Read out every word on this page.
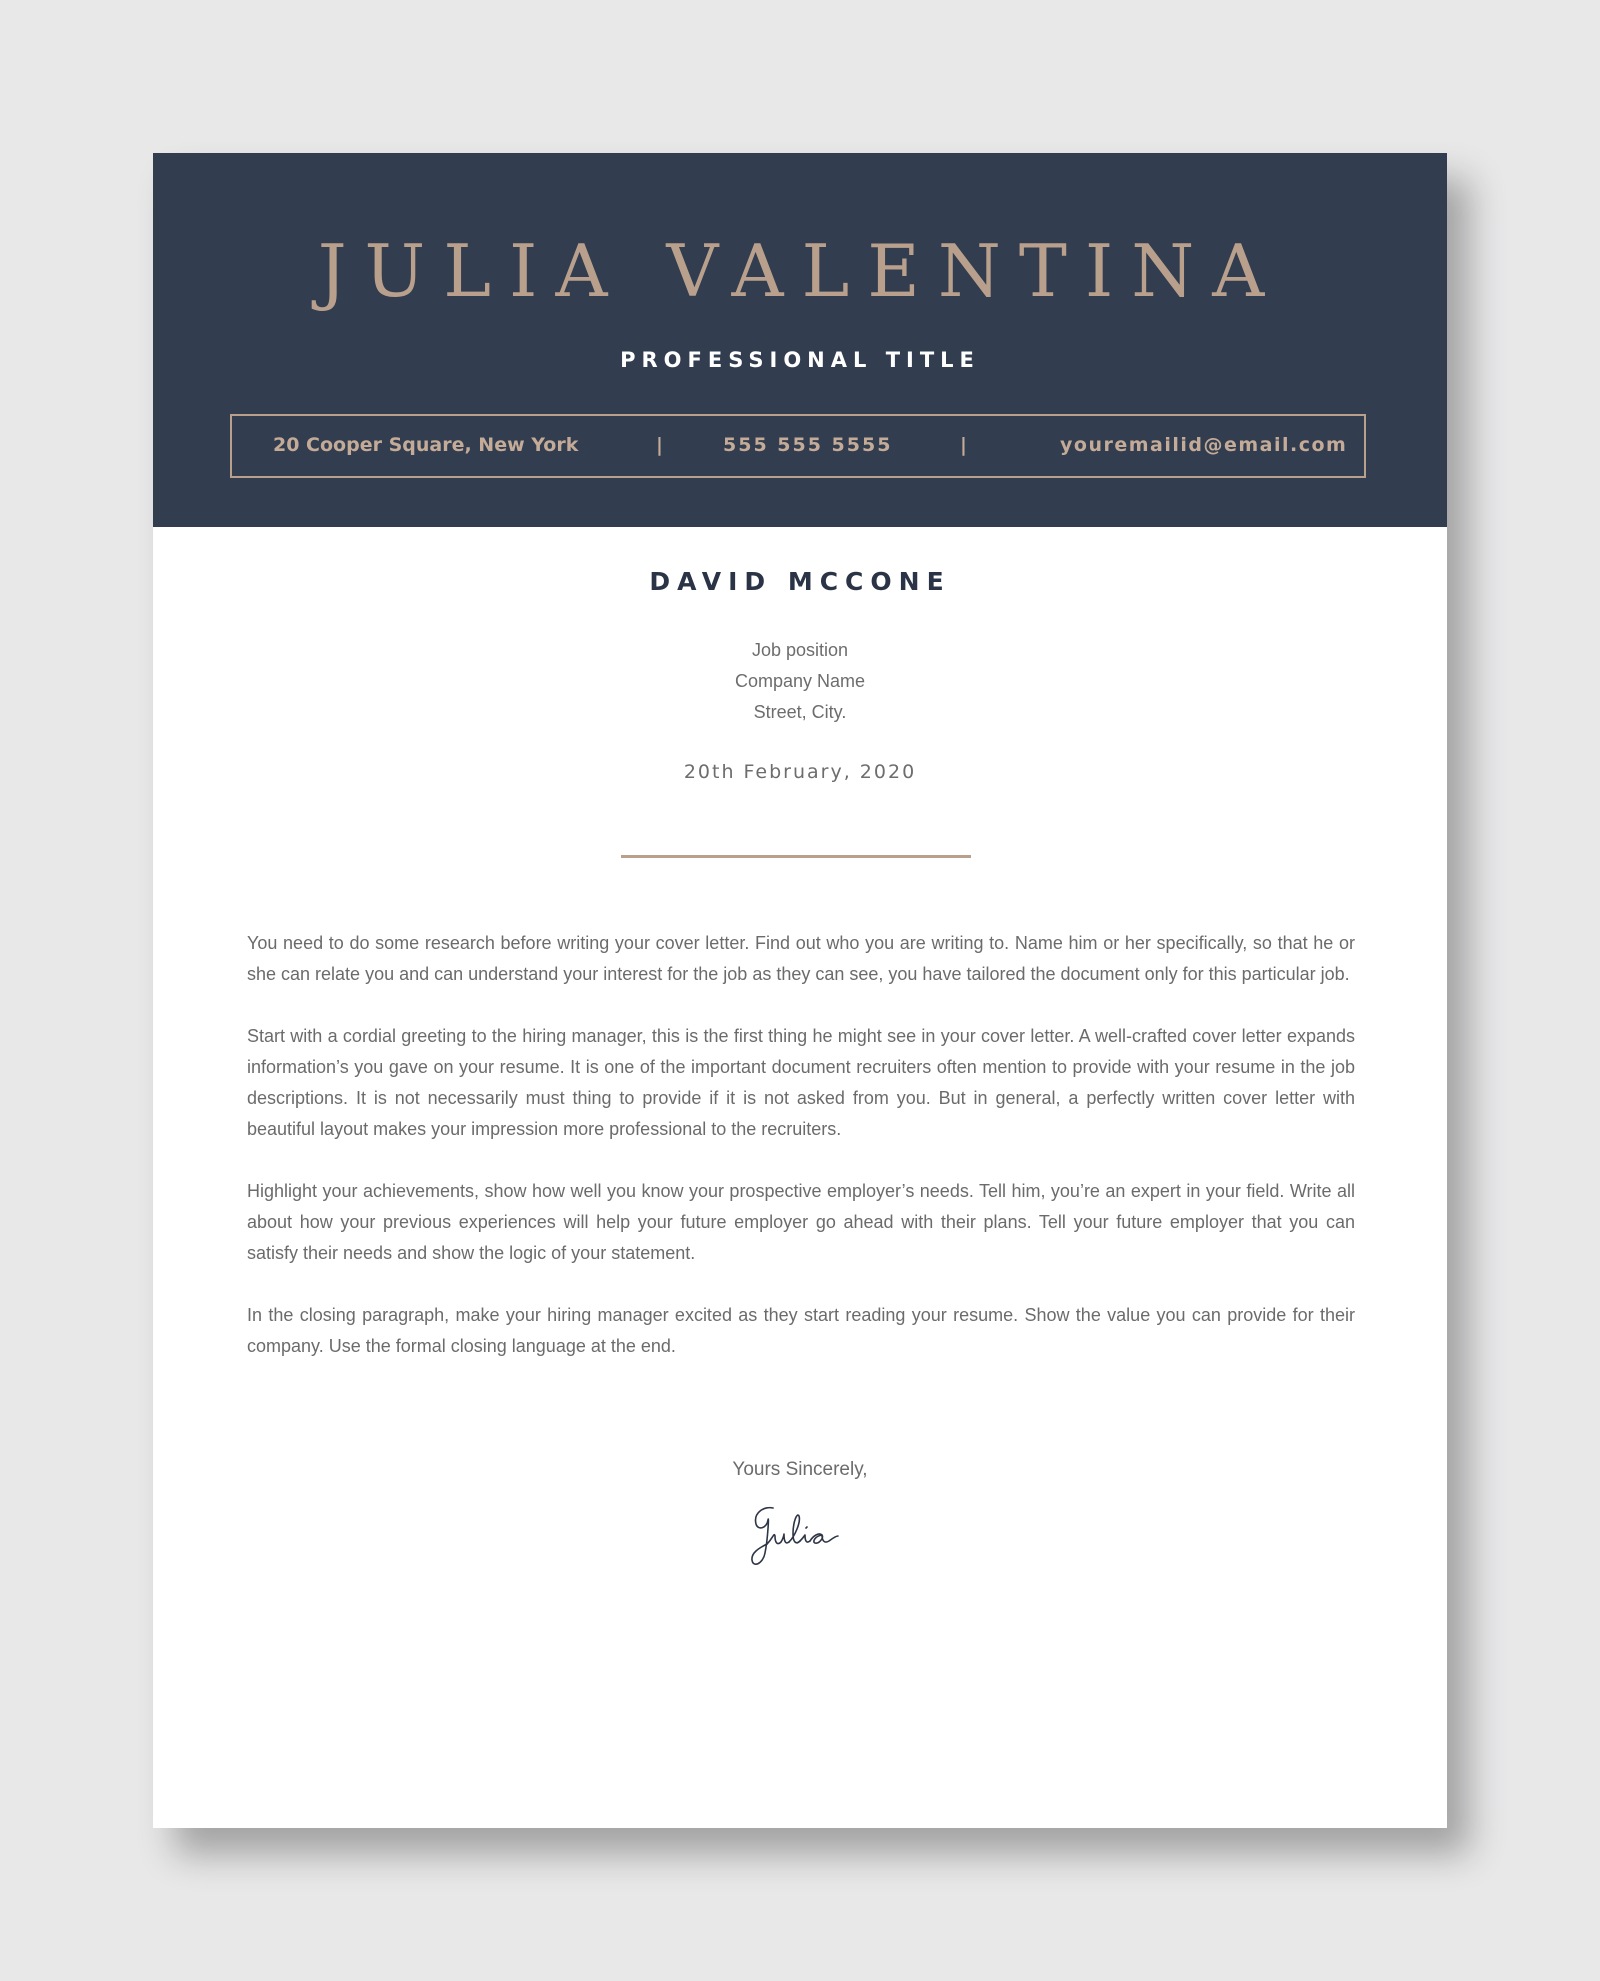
JULIA VALENTINA
PROFESSIONAL TITLE
20 Cooper Square, New York	|	555 555 5555	|	youremailid@email.com
DAVID MCCONE
Job position
Company Name
Street, City.
20th February, 2020

You need to do some research before writing your cover letter. Find out who you are writing to. Name him or her specifically, so that he or she can relate you and can understand your interest for the job as they can see, you have tailored the document only for this particular job.

Start with a cordial greeting to the hiring manager, this is the first thing he might see in your cover letter. A well-crafted cover letter expands information’s you gave on your resume. It is one of the important document recruiters often mention to provide with your resume in the job descriptions. It is not necessarily must thing to provide if it is not asked from you. But in general, a perfectly written cover letter with beautiful layout makes your impression more professional to the recruiters.

Highlight your achievements, show how well you know your prospective employer’s needs. Tell him, you’re an expert in your field. Write all about how your previous experiences will help your future employer go ahead with their plans. Tell your future employer that you can satisfy their needs and show the logic of your statement.

In the closing paragraph, make your hiring manager excited as they start reading your resume. Show the value you can provide for their company. Use the formal closing language at the end.

Yours Sincerely,
